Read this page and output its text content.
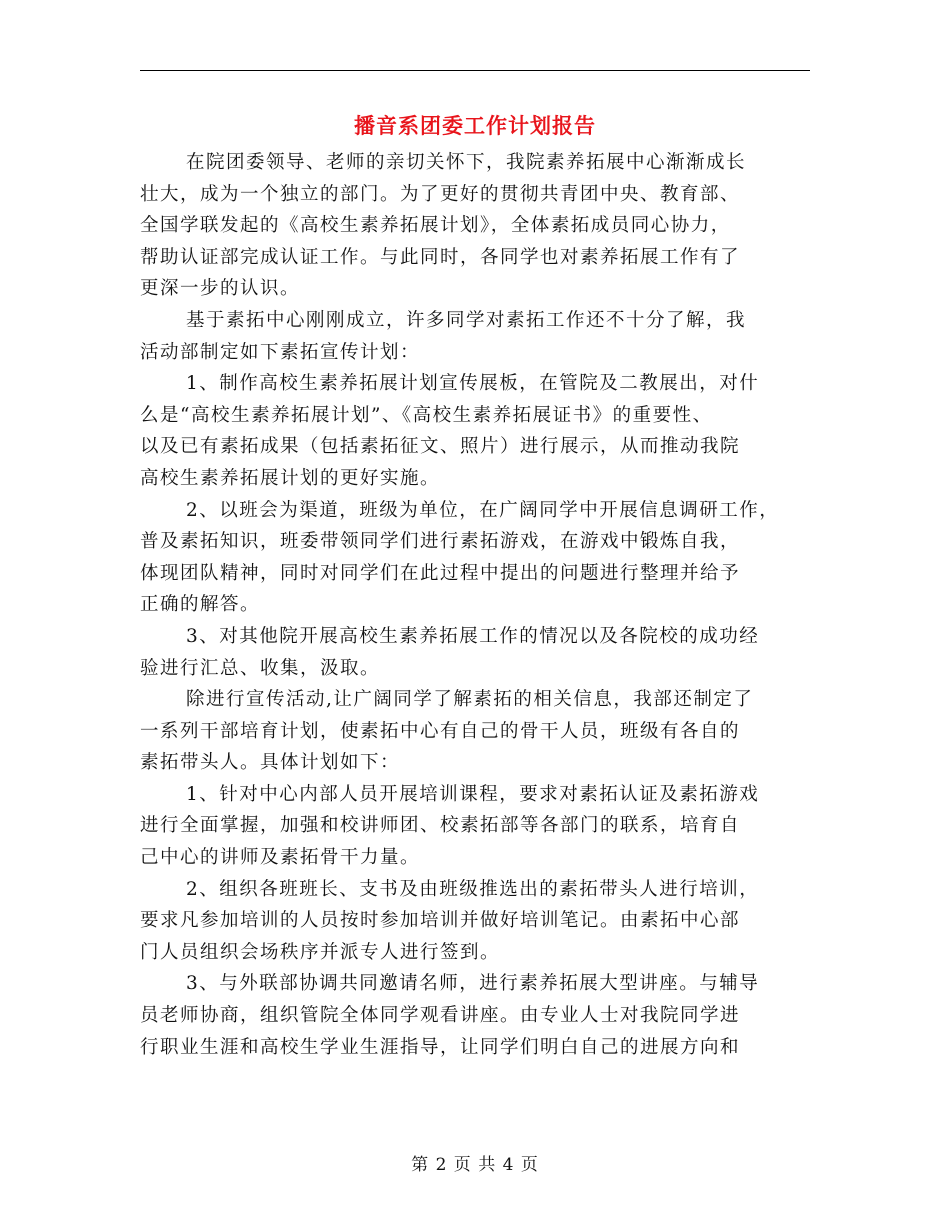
播音系团委工作计划报告
在院团委领导、老师的亲切关怀下，我院素养拓展中心渐渐成长
壮大，成为一个独立的部门。为了更好的贯彻共青团中央、教育部、
全国学联发起的《高校生素养拓展计划》，全体素拓成员同心协力，
帮助认证部完成认证工作。与此同时，各同学也对素养拓展工作有了
更深一步的认识。
基于素拓中心刚刚成立，许多同学对素拓工作还不十分了解，我
活动部制定如下素拓宣传计划：
1、制作高校生素养拓展计划宣传展板，在管院及二教展出，对什
么是“高校生素养拓展计划”、《高校生素养拓展证书》的重要性、
以及已有素拓成果（包括素拓征文、照片）进行展示，从而推动我院
高校生素养拓展计划的更好实施。
2、以班会为渠道，班级为单位，在广阔同学中开展信息调研工作，
普及素拓知识，班委带领同学们进行素拓游戏，在游戏中锻炼自我，
体现团队精神，同时对同学们在此过程中提出的问题进行整理并给予
正确的解答。
3、对其他院开展高校生素养拓展工作的情况以及各院校的成功经
验进行汇总、收集，汲取。
除进行宣传活动,让广阔同学了解素拓的相关信息，我部还制定了
一系列干部培育计划，使素拓中心有自己的骨干人员，班级有各自的
素拓带头人。具体计划如下：
1、针对中心内部人员开展培训课程，要求对素拓认证及素拓游戏
进行全面掌握，加强和校讲师团、校素拓部等各部门的联系，培育自
己中心的讲师及素拓骨干力量。
2、组织各班班长、支书及由班级推选出的素拓带头人进行培训，
要求凡参加培训的人员按时参加培训并做好培训笔记。由素拓中心部
门人员组织会场秩序并派专人进行签到。
3、与外联部协调共同邀请名师，进行素养拓展大型讲座。与辅导
员老师协商，组织管院全体同学观看讲座。由专业人士对我院同学进
行职业生涯和高校生学业生涯指导，让同学们明白自己的进展方向和
第 2 页 共 4 页
